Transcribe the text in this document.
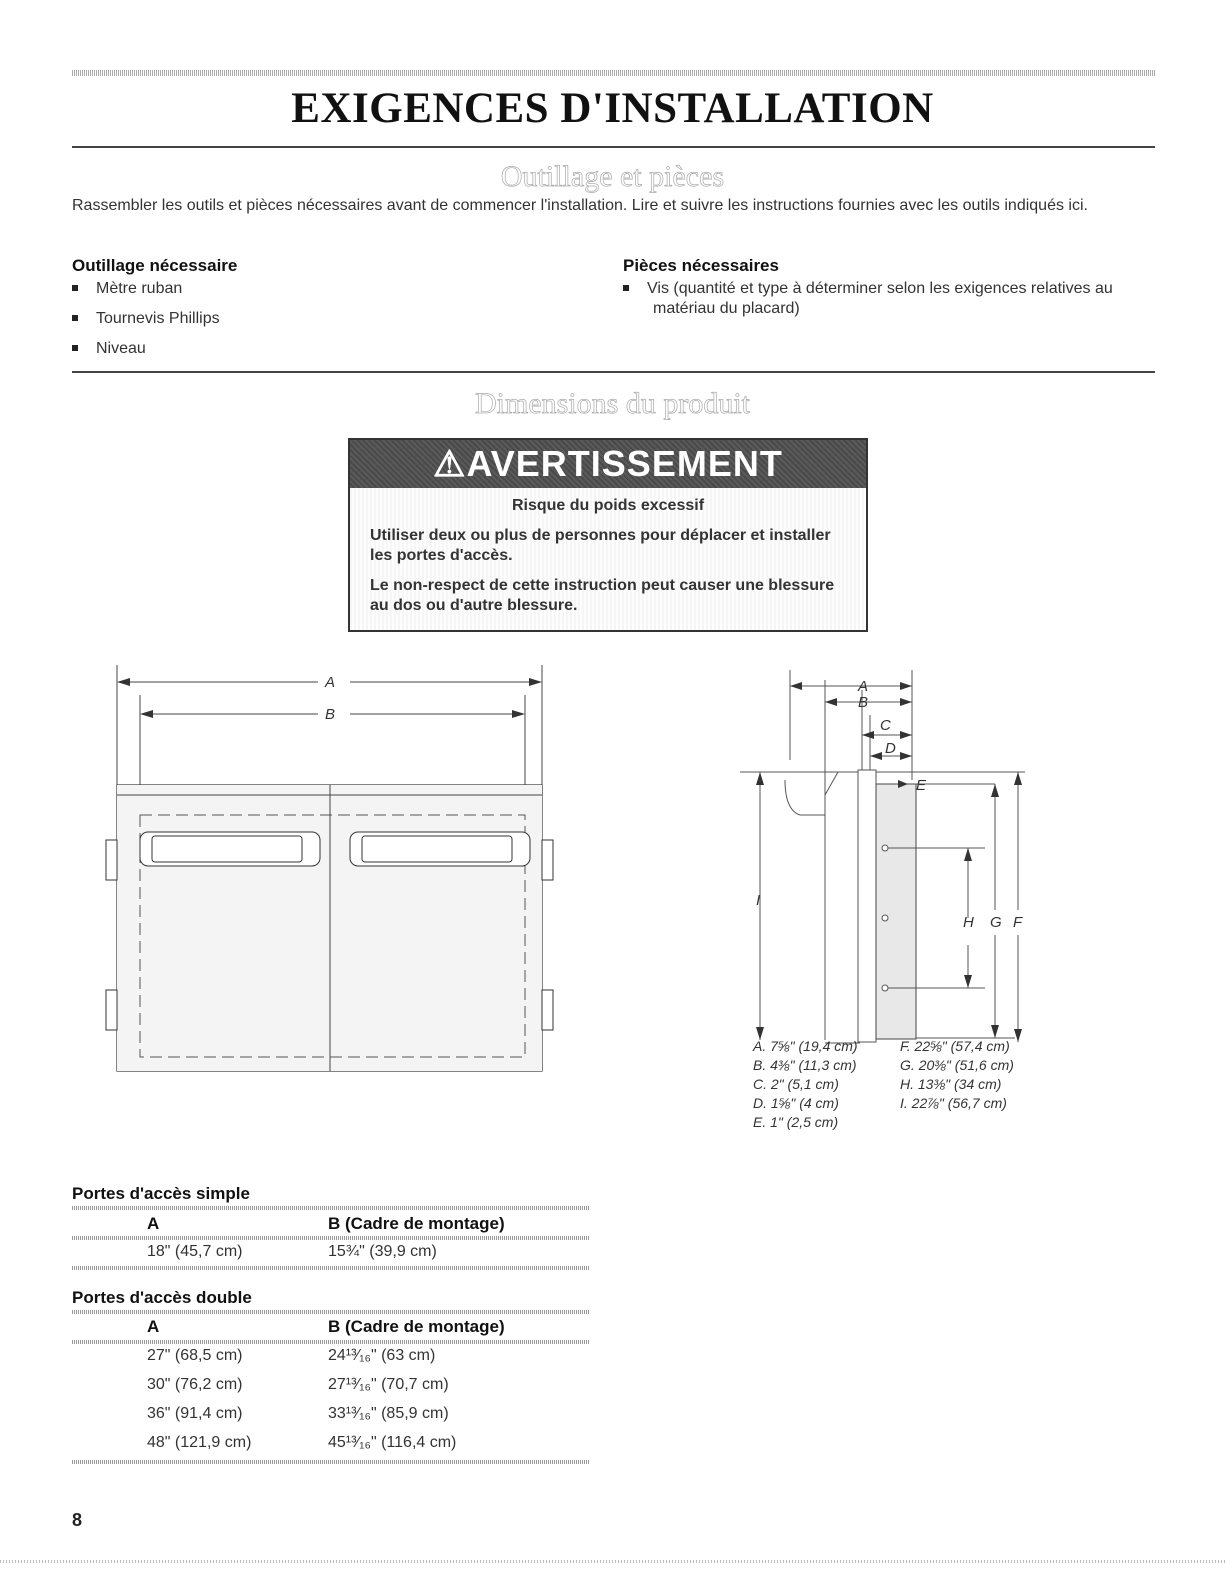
EXIGENCES D'INSTALLATION
Outillage et pièces
Rassembler les outils et pièces nécessaires avant de commencer l'installation. Lire et suivre les instructions fournies avec les outils indiqués ici.
Outillage nécessaire
Mètre ruban
Tournevis Phillips
Niveau
Pièces nécessaires
Vis (quantité et type à déterminer selon les exigences relatives au matériau du placard)
Dimensions du produit
⚠AVERTISSEMENT
Risque du poids excessif
Utiliser deux ou plus de personnes pour déplacer et installer les portes d'accès.
Le non-respect de cette instruction peut causer une blessure au dos ou d'autre blessure.
A
B
A
B
C
D
E
I
H G F
A. 7⅝" (19,4 cm)
B. 4⅜" (11,3 cm)
C. 2" (5,1 cm)
D. 1⅝" (4 cm)
E. 1" (2,5 cm)
F. 22⅝" (57,4 cm)
G. 20⅜" (51,6 cm)
H. 13⅜" (34 cm)
I. 22⅞" (56,7 cm)
Portes d'accès simple
A	B (Cadre de montage)
18" (45,7 cm)	15¾" (39,9 cm)
Portes d'accès double
A	B (Cadre de montage)
27" (68,5 cm)	24¹³⁄₁₆" (63 cm)
30" (76,2 cm)	27¹³⁄₁₆" (70,7 cm)
36" (91,4 cm)	33¹³⁄₁₆" (85,9 cm)
48" (121,9 cm)	45¹³⁄₁₆" (116,4 cm)
8
